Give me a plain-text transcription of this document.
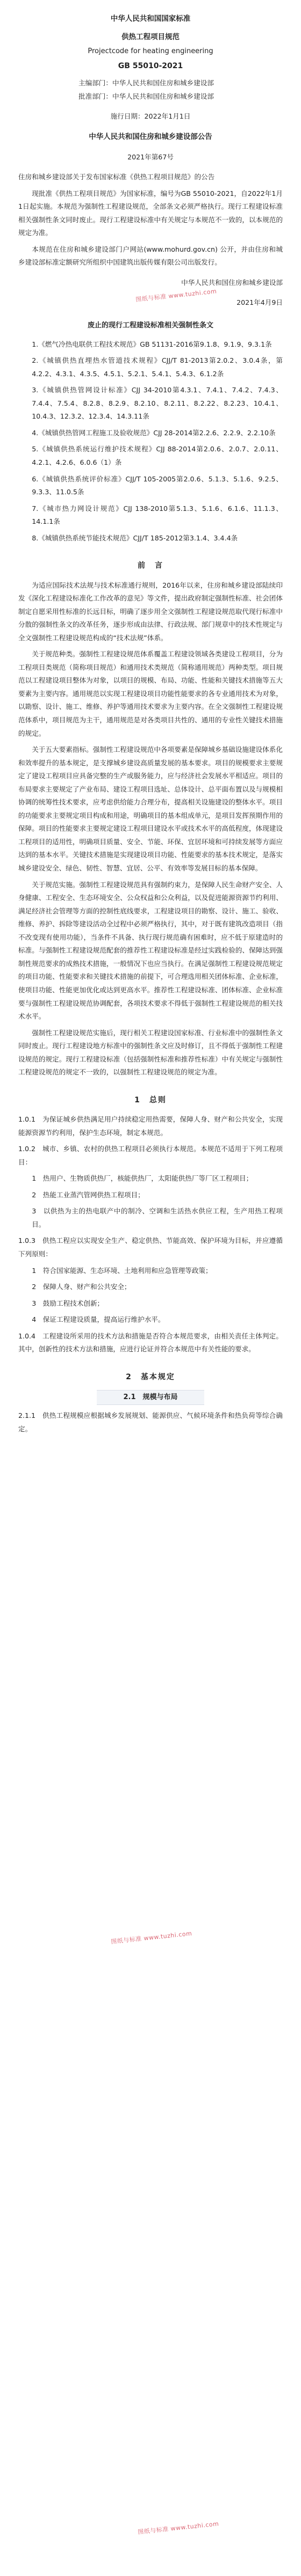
中华人民共和国国家标准

供热工程项目规范

Projectcode for heating engineering

GB 55010-2021

主编部门：中华人民共和国住房和城乡建设部

批准部门：中华人民共和国住房和城乡建设部

施行日期：2022年1月1日

中华人民共和国住房和城乡建设部公告

2021年第67号

住房和城乡建设部关于发布国家标准《供热工程项目规范》的公告

现批准《供热工程项目规范》为国家标准，编号为GB 55010-2021，自2022年1月1日起实施。本规范为强制性工程建设规范，全部条文必须严格执行。现行工程建设标准相关强制性条文同时废止。现行工程建设标准中有关规定与本规范不一致的，以本规范的规定为准。

本规范在住房和城乡建设部门户网站(www.mohurd.gov.cn) 公开，并由住房和城乡建设部标准定额研究所组织中国建筑出版传媒有限公司出版发行。

中华人民共和国住房和城乡建设部

2021年4月9日

废止的现行工程建设标准相关强制性条文

1.《燃气冷热电联供工程技术规范》GB 51131-2016第9.1.8、9.1.9、9.3.1条

2.《城镇供热直埋热水管道技术规程》CJJ/T 81-2013第2.0.2、3.0.4条，第4.2.2、4.3.1、4.3.5、4.5.1、5.2.1、5.4.1、5.4.3、6.1.2条

3.《城镇供热管网设计标准》CJJ 34-2010第4.3.1、7.4.1、7.4.2、7.4.3、7.4.4、7.5.4、8.2.8、8.2.9、8.2.10、8.2.11、8.2.22、8.2.23、10.4.1、10.4.3、12.3.2、12.3.4、14.3.11条

4.《城镇供热管网工程施工及验收规范》CJJ 28-2014第2.2.6、2.2.9、2.2.10条

5.《城镇供热系统运行维护技术规程》CJJ 88-2014第2.0.6、2.0.7、2.0.11、4.2.1、4.2.6、6.0.6（1）条

6.《城镇供热系统评价标准》CJJ/T 105-2005第2.0.6、5.1.3、5.1.6、9.2.5、9.3.3、11.0.5条

7.《城市热力网设计规范》CJJ 138-2010第5.1.3、5.1.6、6.1.6、11.1.3、14.1.1条

8.《城镇供热系统节能技术规范》CJJ/T 185-2012第3.1.4、3.4.4条

前　言

为适应国际技术法规与技术标准通行规则，2016年以来，住房和城乡建设部陆续印发《深化工程建设标准化工作改革的意见》等文件，提出政府制定强制性标准、社会团体制定自愿采用性标准的长远目标，明确了逐步用全文强制性工程建设规范取代现行标准中分散的强制性条文的改革任务，逐步形成由法律、行政法规、部门规章中的技术性规定与全文强制性工程建设规范构成的“技术法规”体系。

关于规范种类。强制性工程建设规范体系覆盖工程建设领域各类建设工程项目，分为工程项目类规范（简称项目规范）和通用技术类规范（简称通用规范）两种类型。项目规范以工程建设项目整体为对象，以项目的规模、布局、功能、性能和关键技术措施等五大要素为主要内容。通用规范以实现工程建设项目功能性能要求的各专业通用技术为对象，以勘察、设计、施工、维修、养护等通用技术要求为主要内容。在全文强制性工程建设规范体系中，项目规范为主干，通用规范是对各类项目共性的、通用的专业性关键技术措施的规定。

关于五大要素指标。强制性工程建设规范中各项要素是保障城乡基础设施建设体系化和效率提升的基本规定，是支撑城乡建设高质量发展的基本要求。项目的规模要求主要规定了建设工程项目应具备完整的生产或服务能力，应与经济社会发展水平相适应。项目的布局要求主要规定了产业布局、建设工程项目选址、总体设计、总平面布置以及与规模相协调的统筹性技术要求，应考虑供给能力合理分布，提高相关设施建设的整体水平。项目的功能要求主要规定项目构成和用途，明确项目的基本组成单元，是项目发挥预期作用的保障。项目的性能要求主要规定建设工程项目建设水平或技术水平的高低程度，体现建设工程项目的适用性，明确项目质量、安全、节能、环保、宜居环境和可持续发展等方面应达到的基本水平。关键技术措施是实现建设项目功能、性能要求的基本技术规定，是落实城乡建设安全、绿色、韧性、智慧、宜居、公平、有效率等发展目标的基本保障。

关于规范实施。强制性工程建设规范具有强制约束力，是保障人民生命财产安全、人身健康、工程安全、生态环境安全、公众权益和公众利益，以及促进能源资源节约利用、满足经济社会管理等方面的控制性底线要求，工程建设项目的勘察、设计、施工、验收、维修、养护、拆除等建设活动全过程中必须严格执行，其中，对于既有建筑改造项目（指不改变现有使用功能），当条件不具备、执行现行规范确有困难时，应不低于原建造时的标准。与强制性工程建设规范配套的推荐性工程建设标准是经过实践检验的、保障达到强制性规范要求的成熟技术措施，一般情况下也应当执行。在满足强制性工程建设规范规定的项目功能、性能要求和关键技术措施的前提下，可合理选用相关团体标准、企业标准，使项目功能、性能更加优化或达到更高水平。推荐性工程建设标准、团体标准、企业标准要与强制性工程建设规范协调配套，各项技术要求不得低于强制性工程建设规范的相关技术水平。

强制性工程建设规范实施后，现行相关工程建设国家标准、行业标准中的强制性条文同时废止。现行工程建设地方标准中的强制性条文应及时修订，且不得低于强制性工程建设规范的规定。现行工程建设标准（包括强制性标准和推荐性标准）中有关规定与强制性工程建设规范的规定不一致的，以强制性工程建设规范的规定为准。

1　总则

1.0.1　为保证城乡供热满足用户持续稳定用热需要，保障人身、财产和公共安全，实现能源资源节约利用，保护生态环境，制定本规范。

1.0.2　城市、乡镇、农村的供热工程项目必须执行本规范。本规范不适用于下列工程项目：

1　热用户、生物质供热厂，核能供热厂，太阳能供热厂等厂区工程项目；

2　热能工业蒸汽管网供热工程项目；

3　以供热为主的热电联产中的制冷、空调和生活热水供应工程，生产用热工程项目。

1.0.3　供热工程应以实现安全生产、稳定供热、节能高效、保护环境为目标，并应遵循下列原则：

1　符合国家能源、生态环境、土地利用和应急管理等政策；

2　保障人身、财产和公共安全；

3　鼓励工程技术创新；

4　保证工程建设质量，提高运行维护水平。

1.0.4　工程建设所采用的技术方法和措施是否符合本规范要求，由相关责任主体判定。其中，创新性的技术方法和措施，应进行论证并符合本规范中有关性能的要求。

2　基本规定

2.1　规模与布局

2.1.1　供热工程规模应根据城乡发展规划、能源供应、气候环境条件和热负荷等综合确定。

图纸与标准 www.tuzhi.com
图纸与标准 www.tuzhi.com
图纸与标准 www.tuzhi.com
